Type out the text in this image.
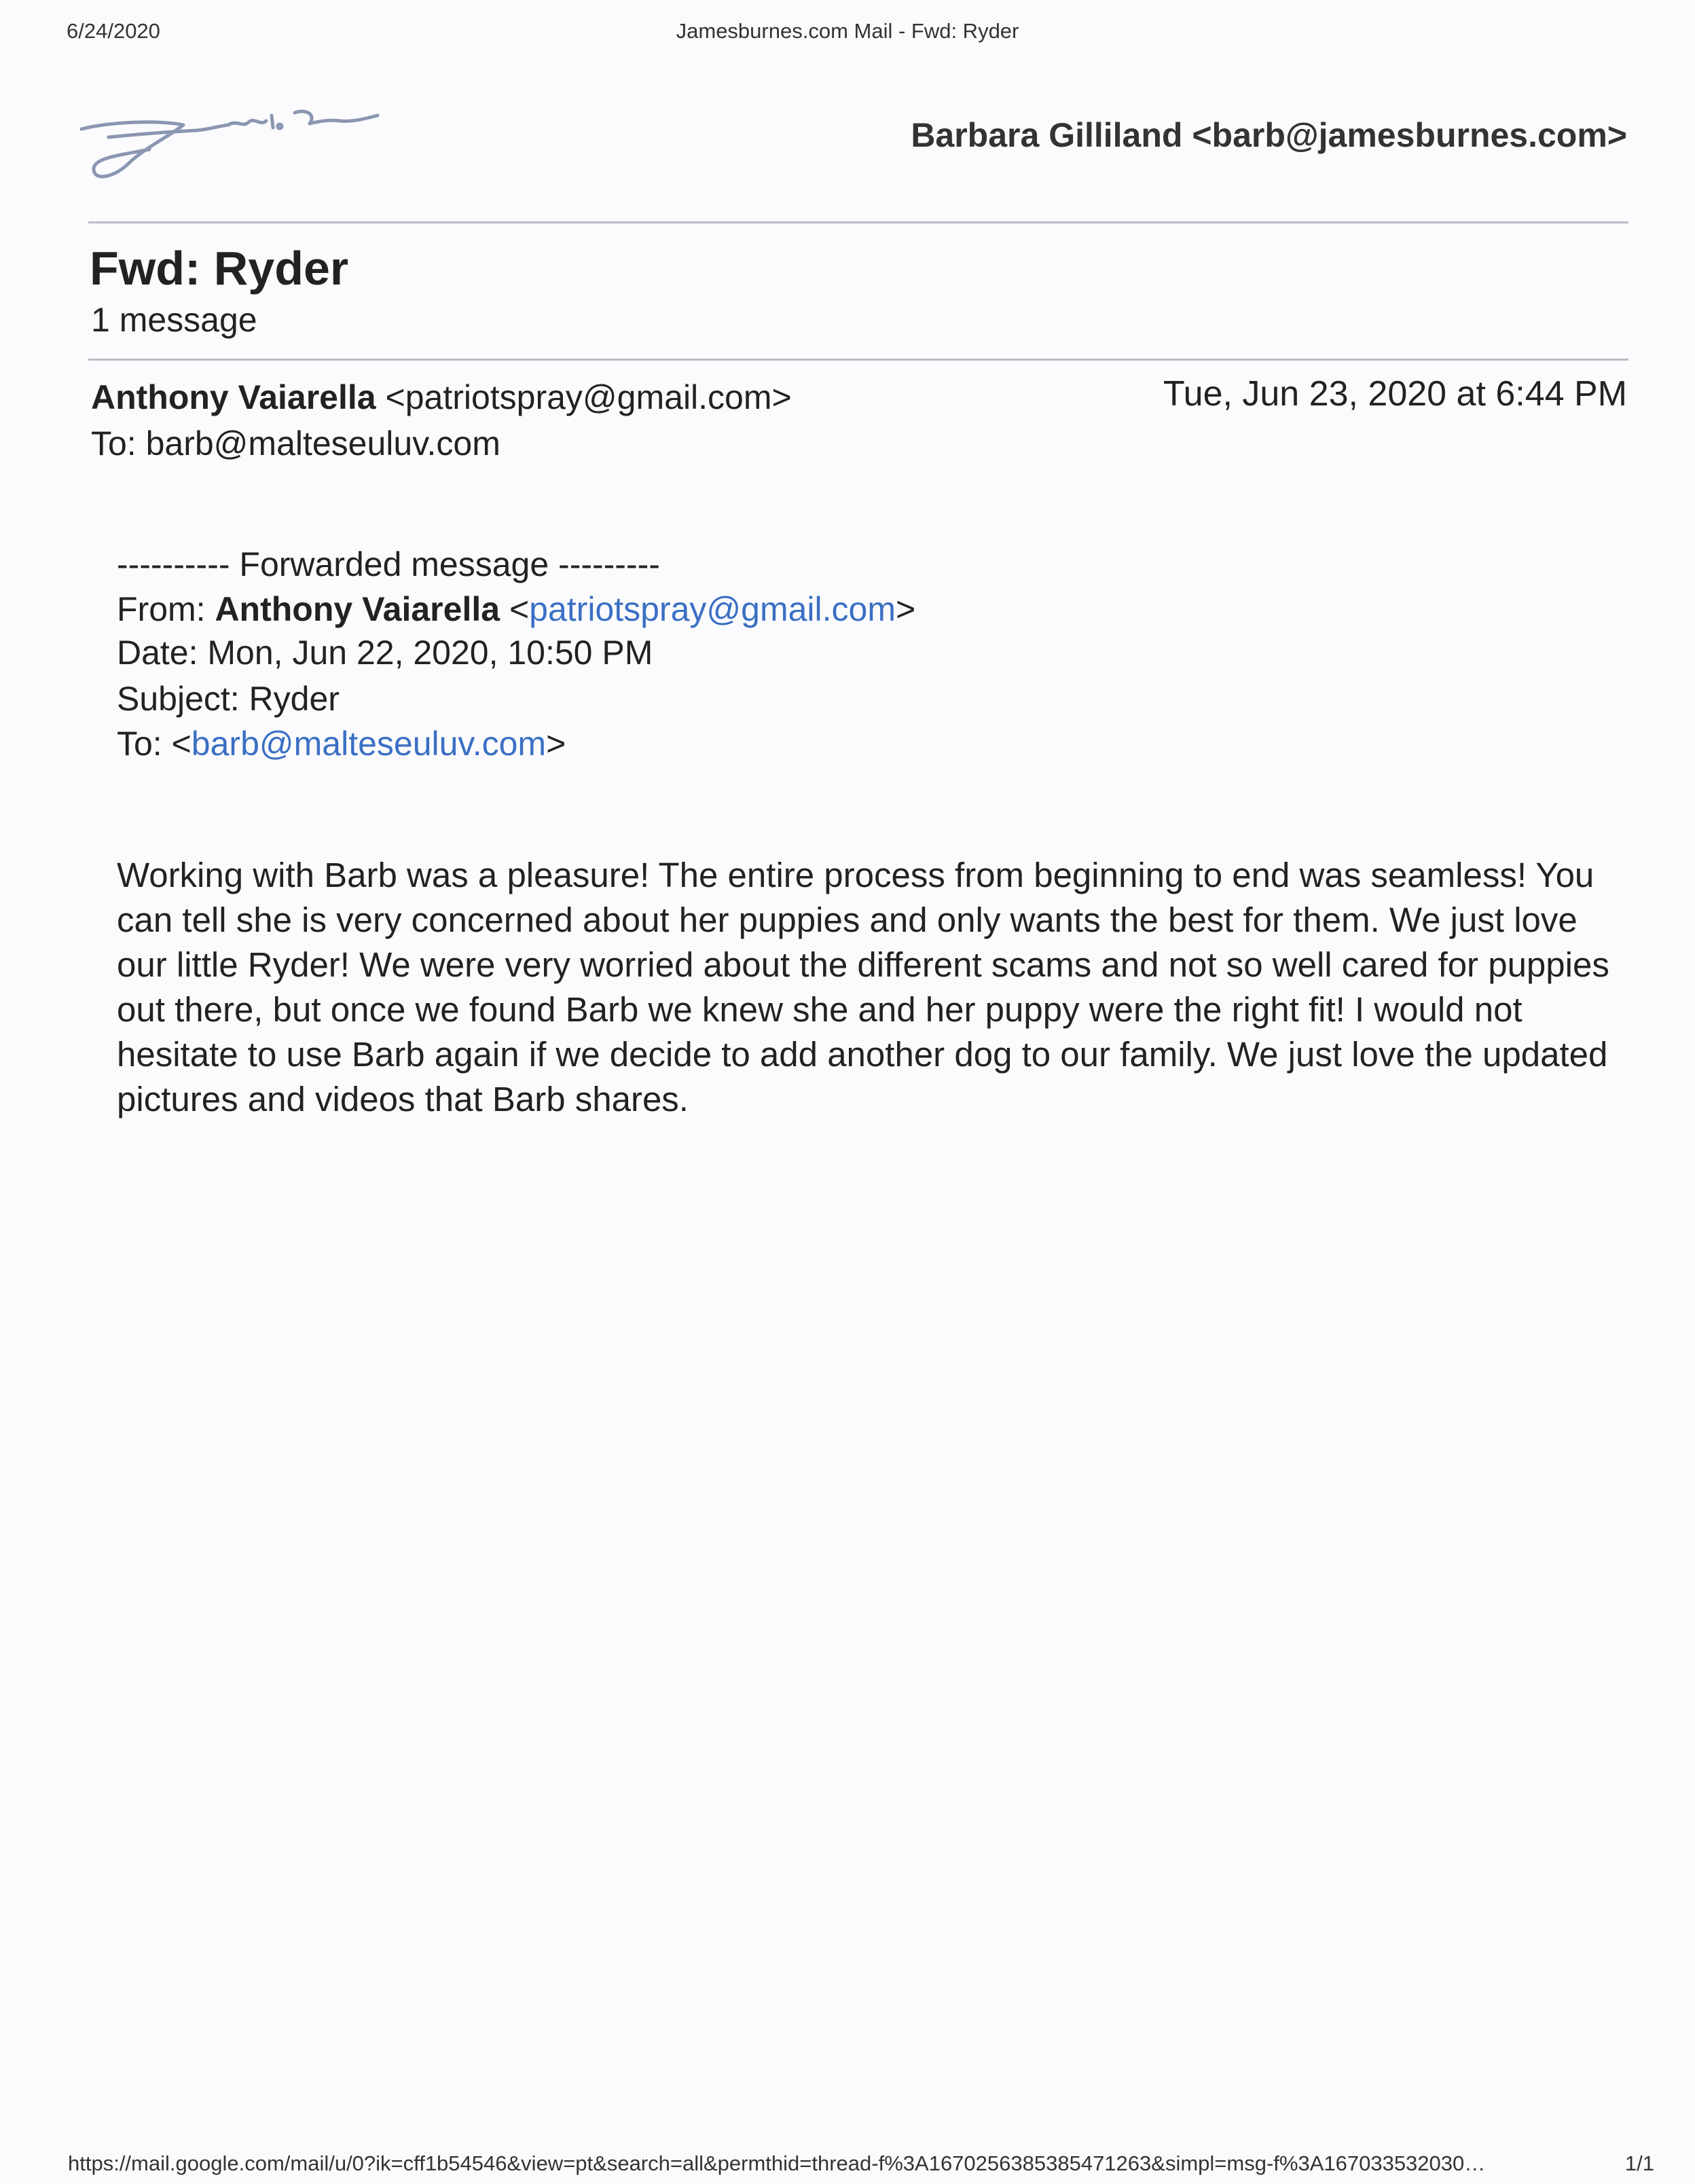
6/24/2020	Jamesburnes.com Mail - Fwd: Ryder
Barbara Gilliland <barb@jamesburnes.com>
Fwd: Ryder
1 message
Anthony Vaiarella <patriotspray@gmail.com>	Tue, Jun 23, 2020 at 6:44 PM
To: barb@malteseuluv.com
---------- Forwarded message ---------
From: Anthony Vaiarella <patriotspray@gmail.com>
Date: Mon, Jun 22, 2020, 10:50 PM
Subject: Ryder
To: <barb@malteseuluv.com>
Working with Barb was a pleasure! The entire process from beginning to end was seamless! You can tell she is very concerned about her puppies and only wants the best for them. We just love our little Ryder! We were very worried about the different scams and not so well cared for puppies out there, but once we found Barb we knew she and her puppy were the right fit! I would not hesitate to use Barb again if we decide to add another dog to our family. We just love the updated pictures and videos that Barb shares.
https://mail.google.com/mail/u/0?ik=cff1b54546&view=pt&search=all&permthid=thread-f%3A1670256385385471263&simpl=msg-f%3A167033532030…	1/1
